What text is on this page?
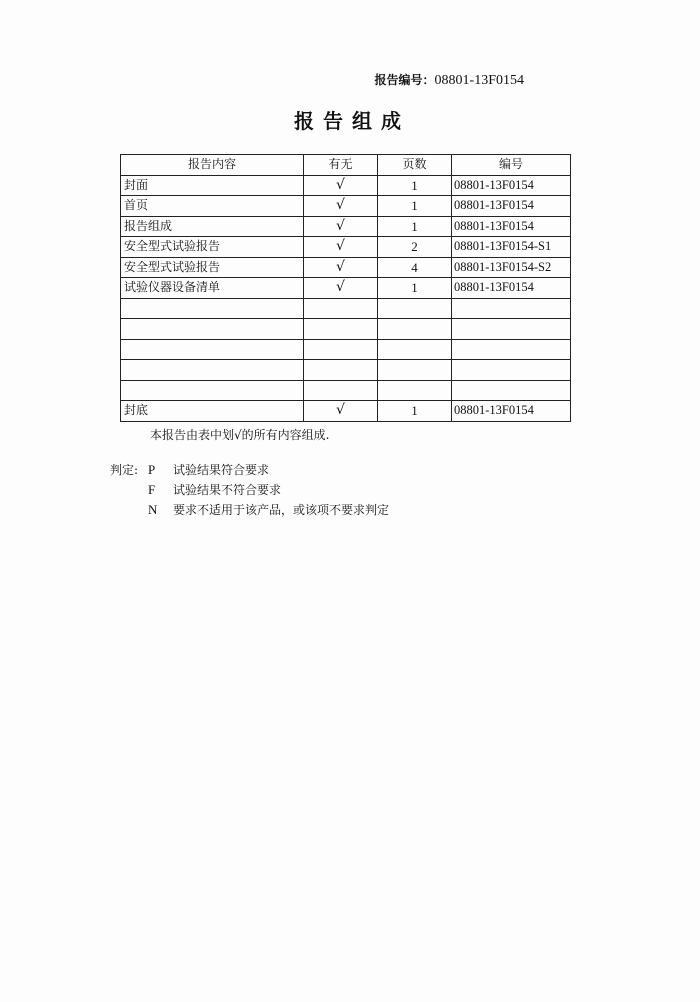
报告编号：08801-13F0154
报告组成
报告内容	有无	页数	编号
封面	√	1	08801-13F0154
首页	√	1	08801-13F0154
报告组成	√	1	08801-13F0154
安全型式试验报告	√	2	08801-13F0154-S1
安全型式试验报告	√	4	08801-13F0154-S2
试验仪器设备清单	√	1	08801-13F0154

封底	√	1	08801-13F0154
本报告由表中划√的所有内容组成.
判定: P 试验结果符合要求
F 试验结果不符合要求
N 要求不适用于该产品，或该项不要求判定
